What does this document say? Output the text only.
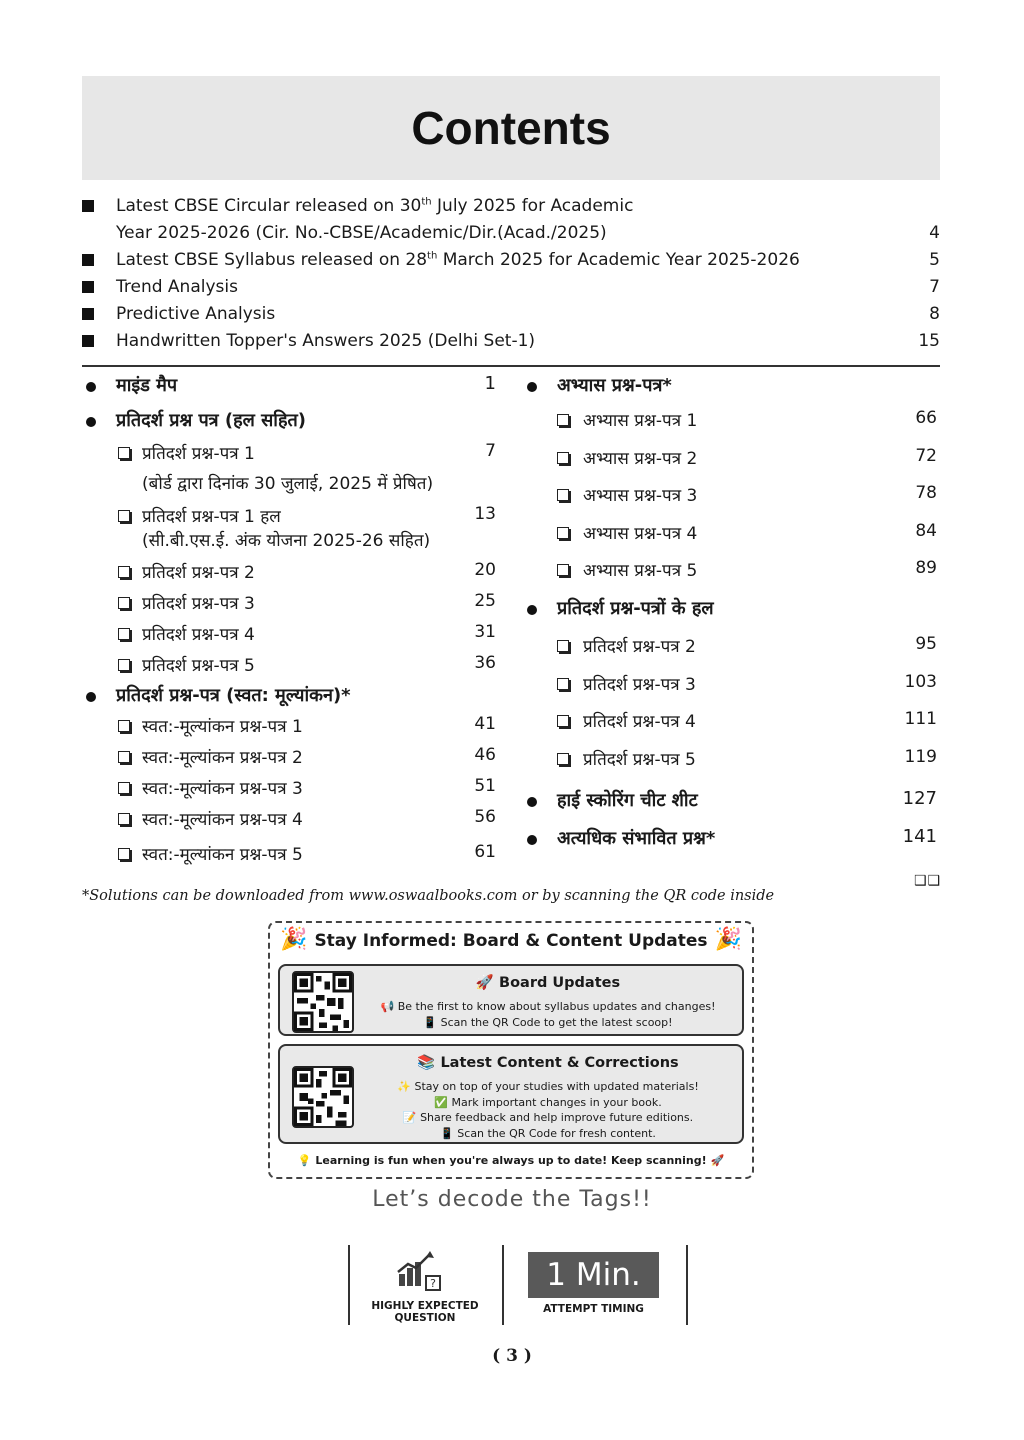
Contents
Latest CBSE Circular released on 30th July 2025 for Academic
Year 2025-2026 (Cir. No.-CBSE/Academic/Dir.(Acad./2025)	4
Latest CBSE Syllabus released on 28th March 2025 for Academic Year 2025-2026	5
Trend Analysis	7
Predictive Analysis	8
Handwritten Topper's Answers 2025 (Delhi Set-1)	15
माइंड मैप	1
प्रतिदर्श प्रश्न पत्र (हल सहित)
प्रतिदर्श प्रश्न-पत्र 1	7
(बोर्ड द्वारा दिनांक 30 जुलाई, 2025 में प्रेषित)
प्रतिदर्श प्रश्न-पत्र 1 हल	13
(सी.बी.एस.ई. अंक योजना 2025-26 सहित)
प्रतिदर्श प्रश्न-पत्र 2	20
प्रतिदर्श प्रश्न-पत्र 3	25
प्रतिदर्श प्रश्न-पत्र 4	31
प्रतिदर्श प्रश्न-पत्र 5	36
प्रतिदर्श प्रश्न-पत्र (स्वत: मूल्यांकन)*
स्वत:-मूल्यांकन प्रश्न-पत्र 1	41
स्वत:-मूल्यांकन प्रश्न-पत्र 2	46
स्वत:-मूल्यांकन प्रश्न-पत्र 3	51
स्वत:-मूल्यांकन प्रश्न-पत्र 4	56
स्वत:-मूल्यांकन प्रश्न-पत्र 5	61
अभ्यास प्रश्न-पत्र*
अभ्यास प्रश्न-पत्र 1	66
अभ्यास प्रश्न-पत्र 2	72
अभ्यास प्रश्न-पत्र 3	78
अभ्यास प्रश्न-पत्र 4	84
अभ्यास प्रश्न-पत्र 5	89
प्रतिदर्श प्रश्न-पत्रों के हल
प्रतिदर्श प्रश्न-पत्र 2	95
प्रतिदर्श प्रश्न-पत्र 3	103
प्रतिदर्श प्रश्न-पत्र 4	111
प्रतिदर्श प्रश्न-पत्र 5	119
हाई स्कोरिंग चीट शीट	127
अत्यधिक संभावित प्रश्न*	141
❑❑
*Solutions can be downloaded from www.oswaalbooks.com or by scanning the QR code inside
🎉	🎉
Stay Informed: Board & Content Updates
🚀 Board Updates
📢 Be the first to know about syllabus updates and changes!
📱 Scan the QR Code to get the latest scoop!
📚 Latest Content & Corrections
✨ Stay on top of your studies with updated materials!
✅ Mark important changes in your book.
📝 Share feedback and help improve future editions.
📱 Scan the QR Code for fresh content.
💡 Learning is fun when you're always up to date! Keep scanning! 🚀
Let’s decode the Tags!!
?
HIGHLY EXPECTED
QUESTION
1 Min.
ATTEMPT TIMING
( 3 )
